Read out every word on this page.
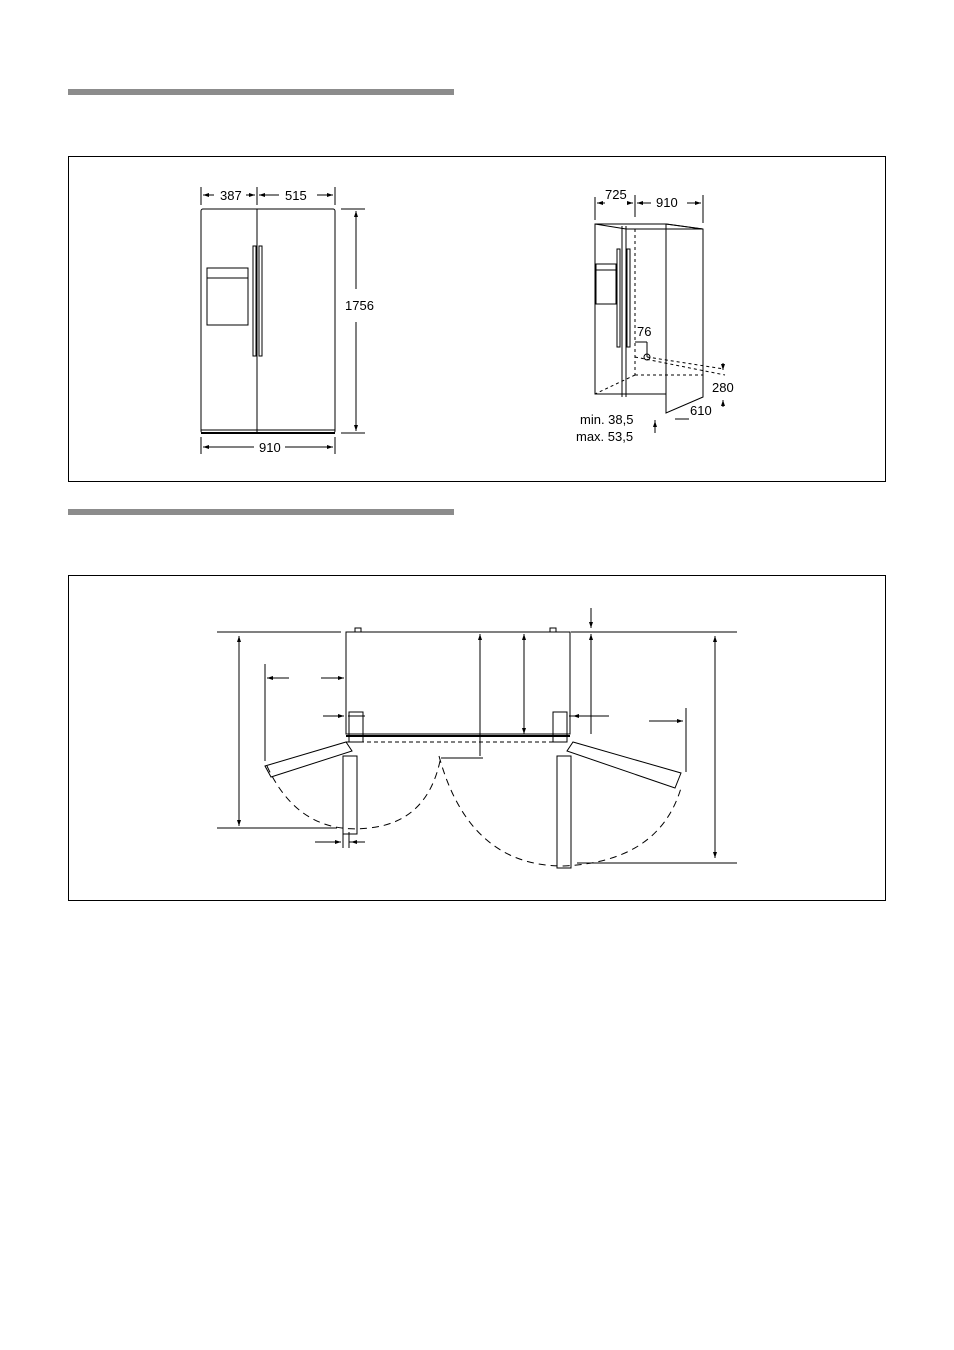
387	515
1756
910
725
910
76
280
610
min. 38,5
max. 53,5
